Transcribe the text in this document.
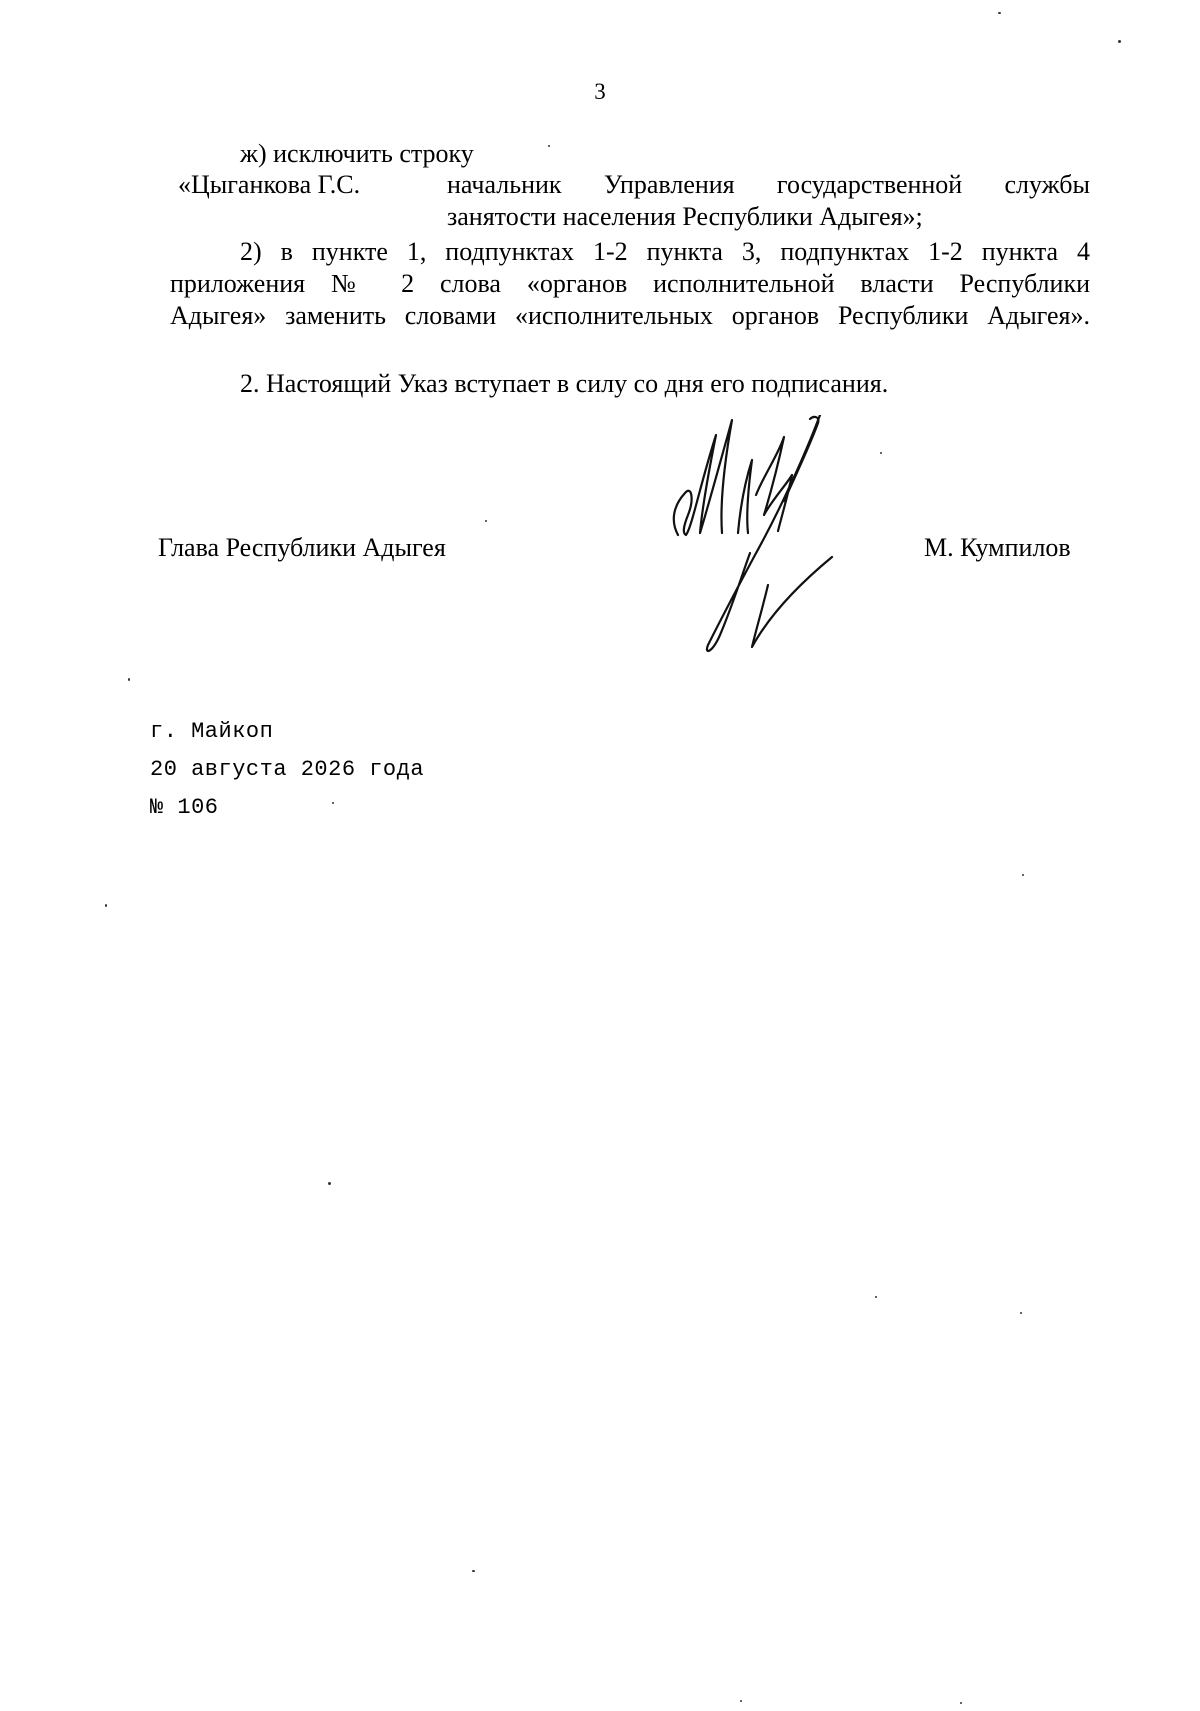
3
ж) исключить строку
«Цыганкова Г.С.	начальник Управления государственной службы
занятости населения Республики Адыгея»;
2) в пункте 1, подпунктах 1-2 пункта 3, подпунктах 1-2 пункта 4
приложения № 2 слова «органов исполнительной власти Республики
Адыгея» заменить словами «исполнительных органов Республики Адыгея».
2. Настоящий Указ вступает в силу со дня его подписания.
Глава Республики Адыгея	М. Кумпилов
г. Майкоп
20 августа 2026 года
№ 106
